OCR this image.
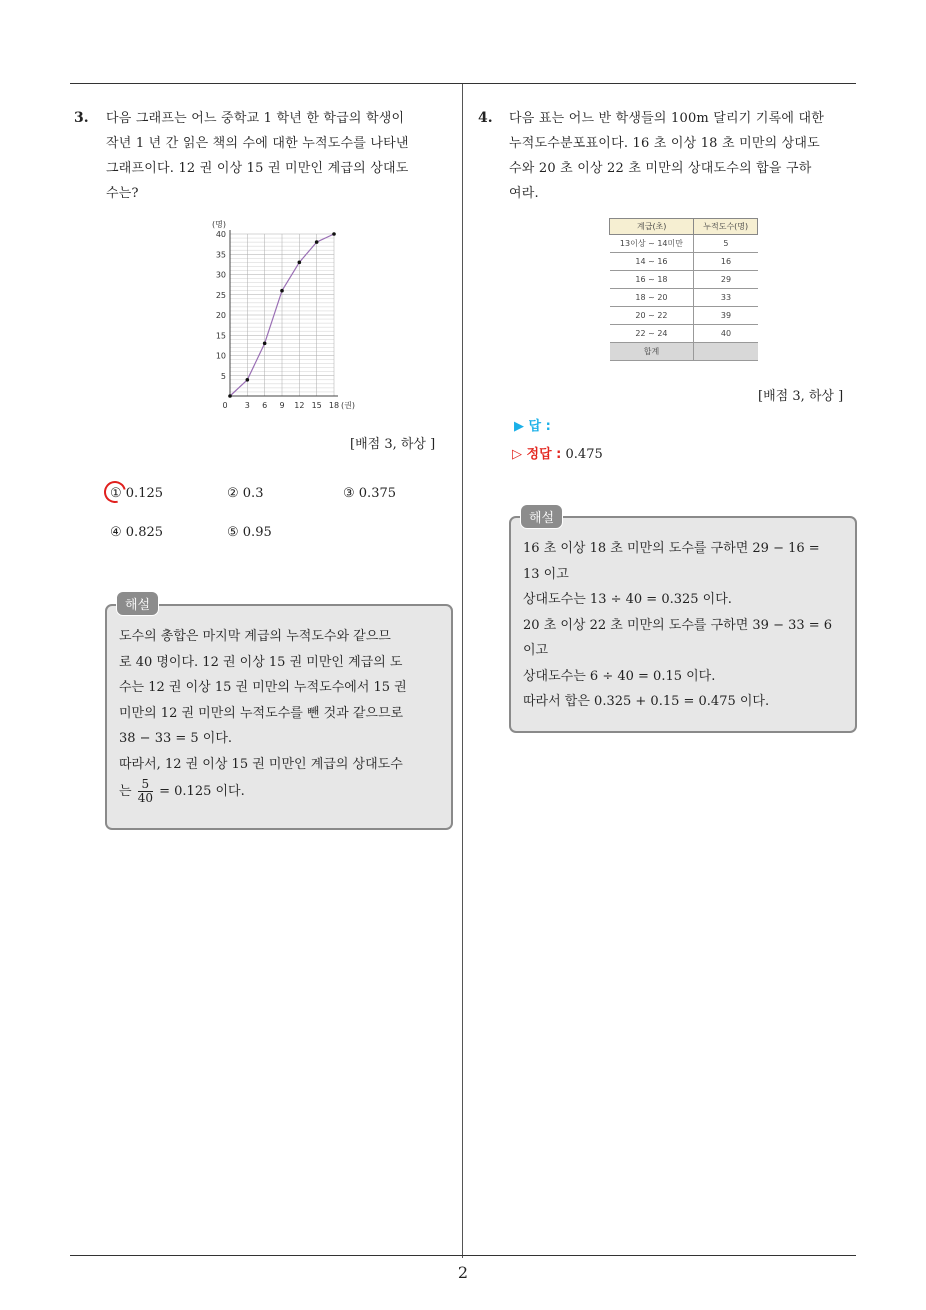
3. 다음 그래프는 어느 중학교 1 학년 한 학급의 학생이
작년 1 년 간 읽은 책의 수에 대한 누적도수를 나타낸
그래프이다. 12 권 이상 15 권 미만인 계급의 상대도
수는?
(명)
5
10
15
20
25
30
35
40
0 3 6 9 12 15 18 (권)
[배점 3, 하상 ]
① 0.125	② 0.3	③ 0.375
④ 0.825	⑤ 0.95
도수의 총합은 마지막 계급의 누적도수와 같으므
로 40 명이다. 12 권 이상 15 권 미만인 계급의 도
수는 12 권 이상 15 권 미만의 누적도수에서 15 권
미만의 12 권 미만의 누적도수를 뺀 것과 같으므로
38 − 33 = 5 이다.
따라서, 12 권 이상 15 권 미만인 계급의 상대도수
는 $\frac{5}{40} = 0.125$ 이다.
해설
4. 다음 표는 어느 반 학생들의 100m 달리기 기록에 대한
누적도수분포표이다. 16 초 이상 18 초 미만의 상대도
수와 20 초 이상 22 초 미만의 상대도수의 합을 구하
여라.
계급(초)	누적도수(명)
13이상 ~ 14미만	5
14 ~ 16	16
16 ~ 18	29
18 ~ 20	33
20 ~ 22	39
22 ~ 24	40
합계	
[배점 3, 하상 ]
▶ 답 :
▷ 정답 : 0.475
16 초 이상 18 초 미만의 도수를 구하면 29 − 16 =
13 이고
상대도수는 13 ÷ 40 = 0.325 이다.
20 초 이상 22 초 미만의 도수를 구하면 39 − 33 = 6
이고
상대도수는 6 ÷ 40 = 0.15 이다.
따라서 합은 0.325 + 0.15 = 0.475 이다.
해설
2
